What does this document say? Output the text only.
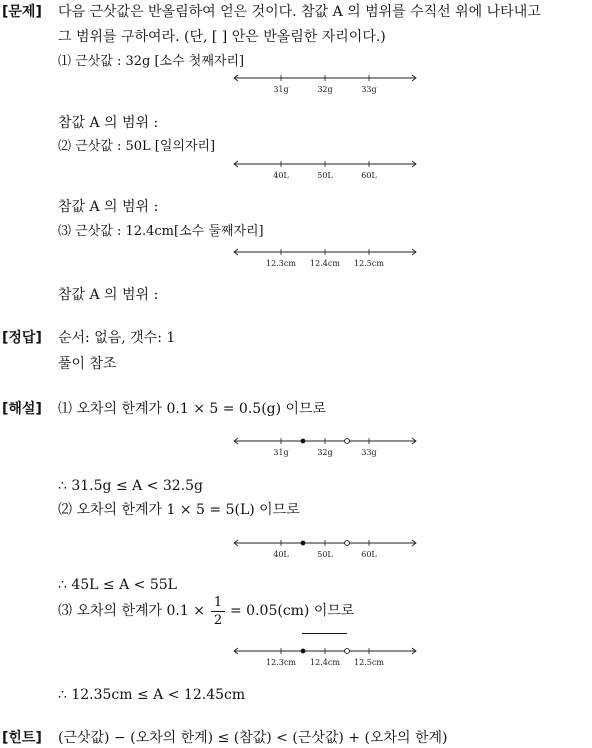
[문제] 다음 근삿값은 반올림하여 얻은 것이다. 참값 A 의 범위를 수직선 위에 나타내고
그 범위를 구하여라. (단, [ ] 안은 반올림한 자리이다.)
⑴ 근삿값 : 32g [소수 첫째자리]
31g	32g	33g
참값 A 의 범위 :
⑵ 근삿값 : 50L [일의자리]
40L	50L	60L
참값 A 의 범위 :
⑶ 근삿값 : 12.4cm[소수 둘째자리]
12.3cm 12.4cm 12.5cm
참값 A 의 범위 :
[정답] 순서: 없음, 갯수: 1
풀이 참조
[해설] ⑴ 오차의 한계가 0.1 × 5 = 0.5(g) 이므로
31g	32g	33g
∴ 31.5g ≤ A < 32.5g
⑵ 오차의 한계가 1 × 5 = 5(L) 이므로
40L	50L	60L
∴ 45L ≤ A < 55L
⑶ 오차의 한계가 0.1 ×
1
2
= 0.05(cm) 이므로
12.3cm 12.4cm 12.5cm
∴ 12.35cm ≤ A < 12.45cm
[힌트] (근삿값) − (오차의 한계) ≤ (참값) < (근삿값) + (오차의 한계)
